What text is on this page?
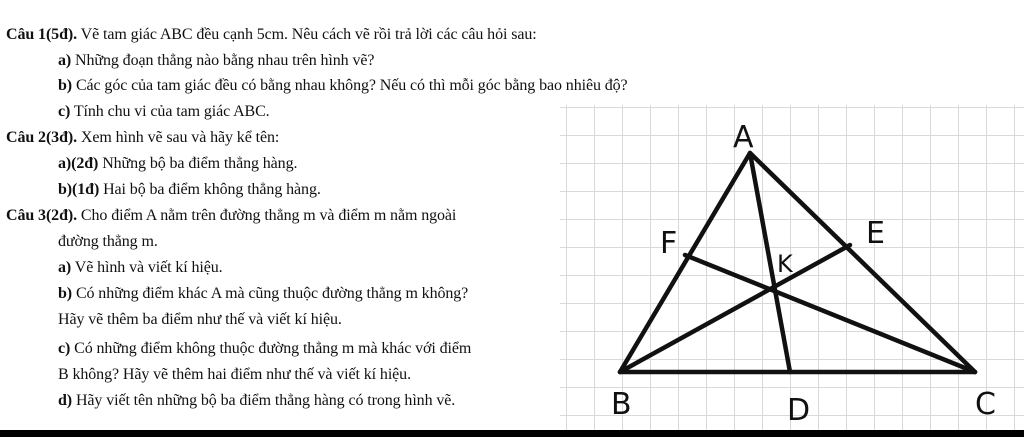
A
F	E
K
B	D	C
Câu 1(5đ). Vẽ tam giác ABC đều cạnh 5cm. Nêu cách vẽ rồi trả lời các câu hỏi sau:
a) Những đoạn thẳng nào bằng nhau trên hình vẽ?
b) Các góc của tam giác đều có bằng nhau không? Nếu có thì mỗi góc bằng bao nhiêu độ?
c) Tính chu vi của tam giác ABC.
Câu 2(3đ). Xem hình vẽ sau và hãy kể tên:
a)(2đ) Những bộ ba điểm thẳng hàng.
b)(1đ) Hai bộ ba điểm không thẳng hàng.
Câu 3(2đ). Cho điểm A nằm trên đường thẳng m và điểm m nằm ngoài
đường thẳng m.
a) Vẽ hình và viết kí hiệu.
b) Có những điểm khác A mà cũng thuộc đường thẳng m không?
Hãy vẽ thêm ba điểm như thế và viết kí hiệu.
c) Có những điểm không thuộc đường thẳng m mà khác với điểm
B không? Hãy vẽ thêm hai điểm như thế và viết kí hiệu.
d) Hãy viết tên những bộ ba điểm thẳng hàng có trong hình vẽ.
